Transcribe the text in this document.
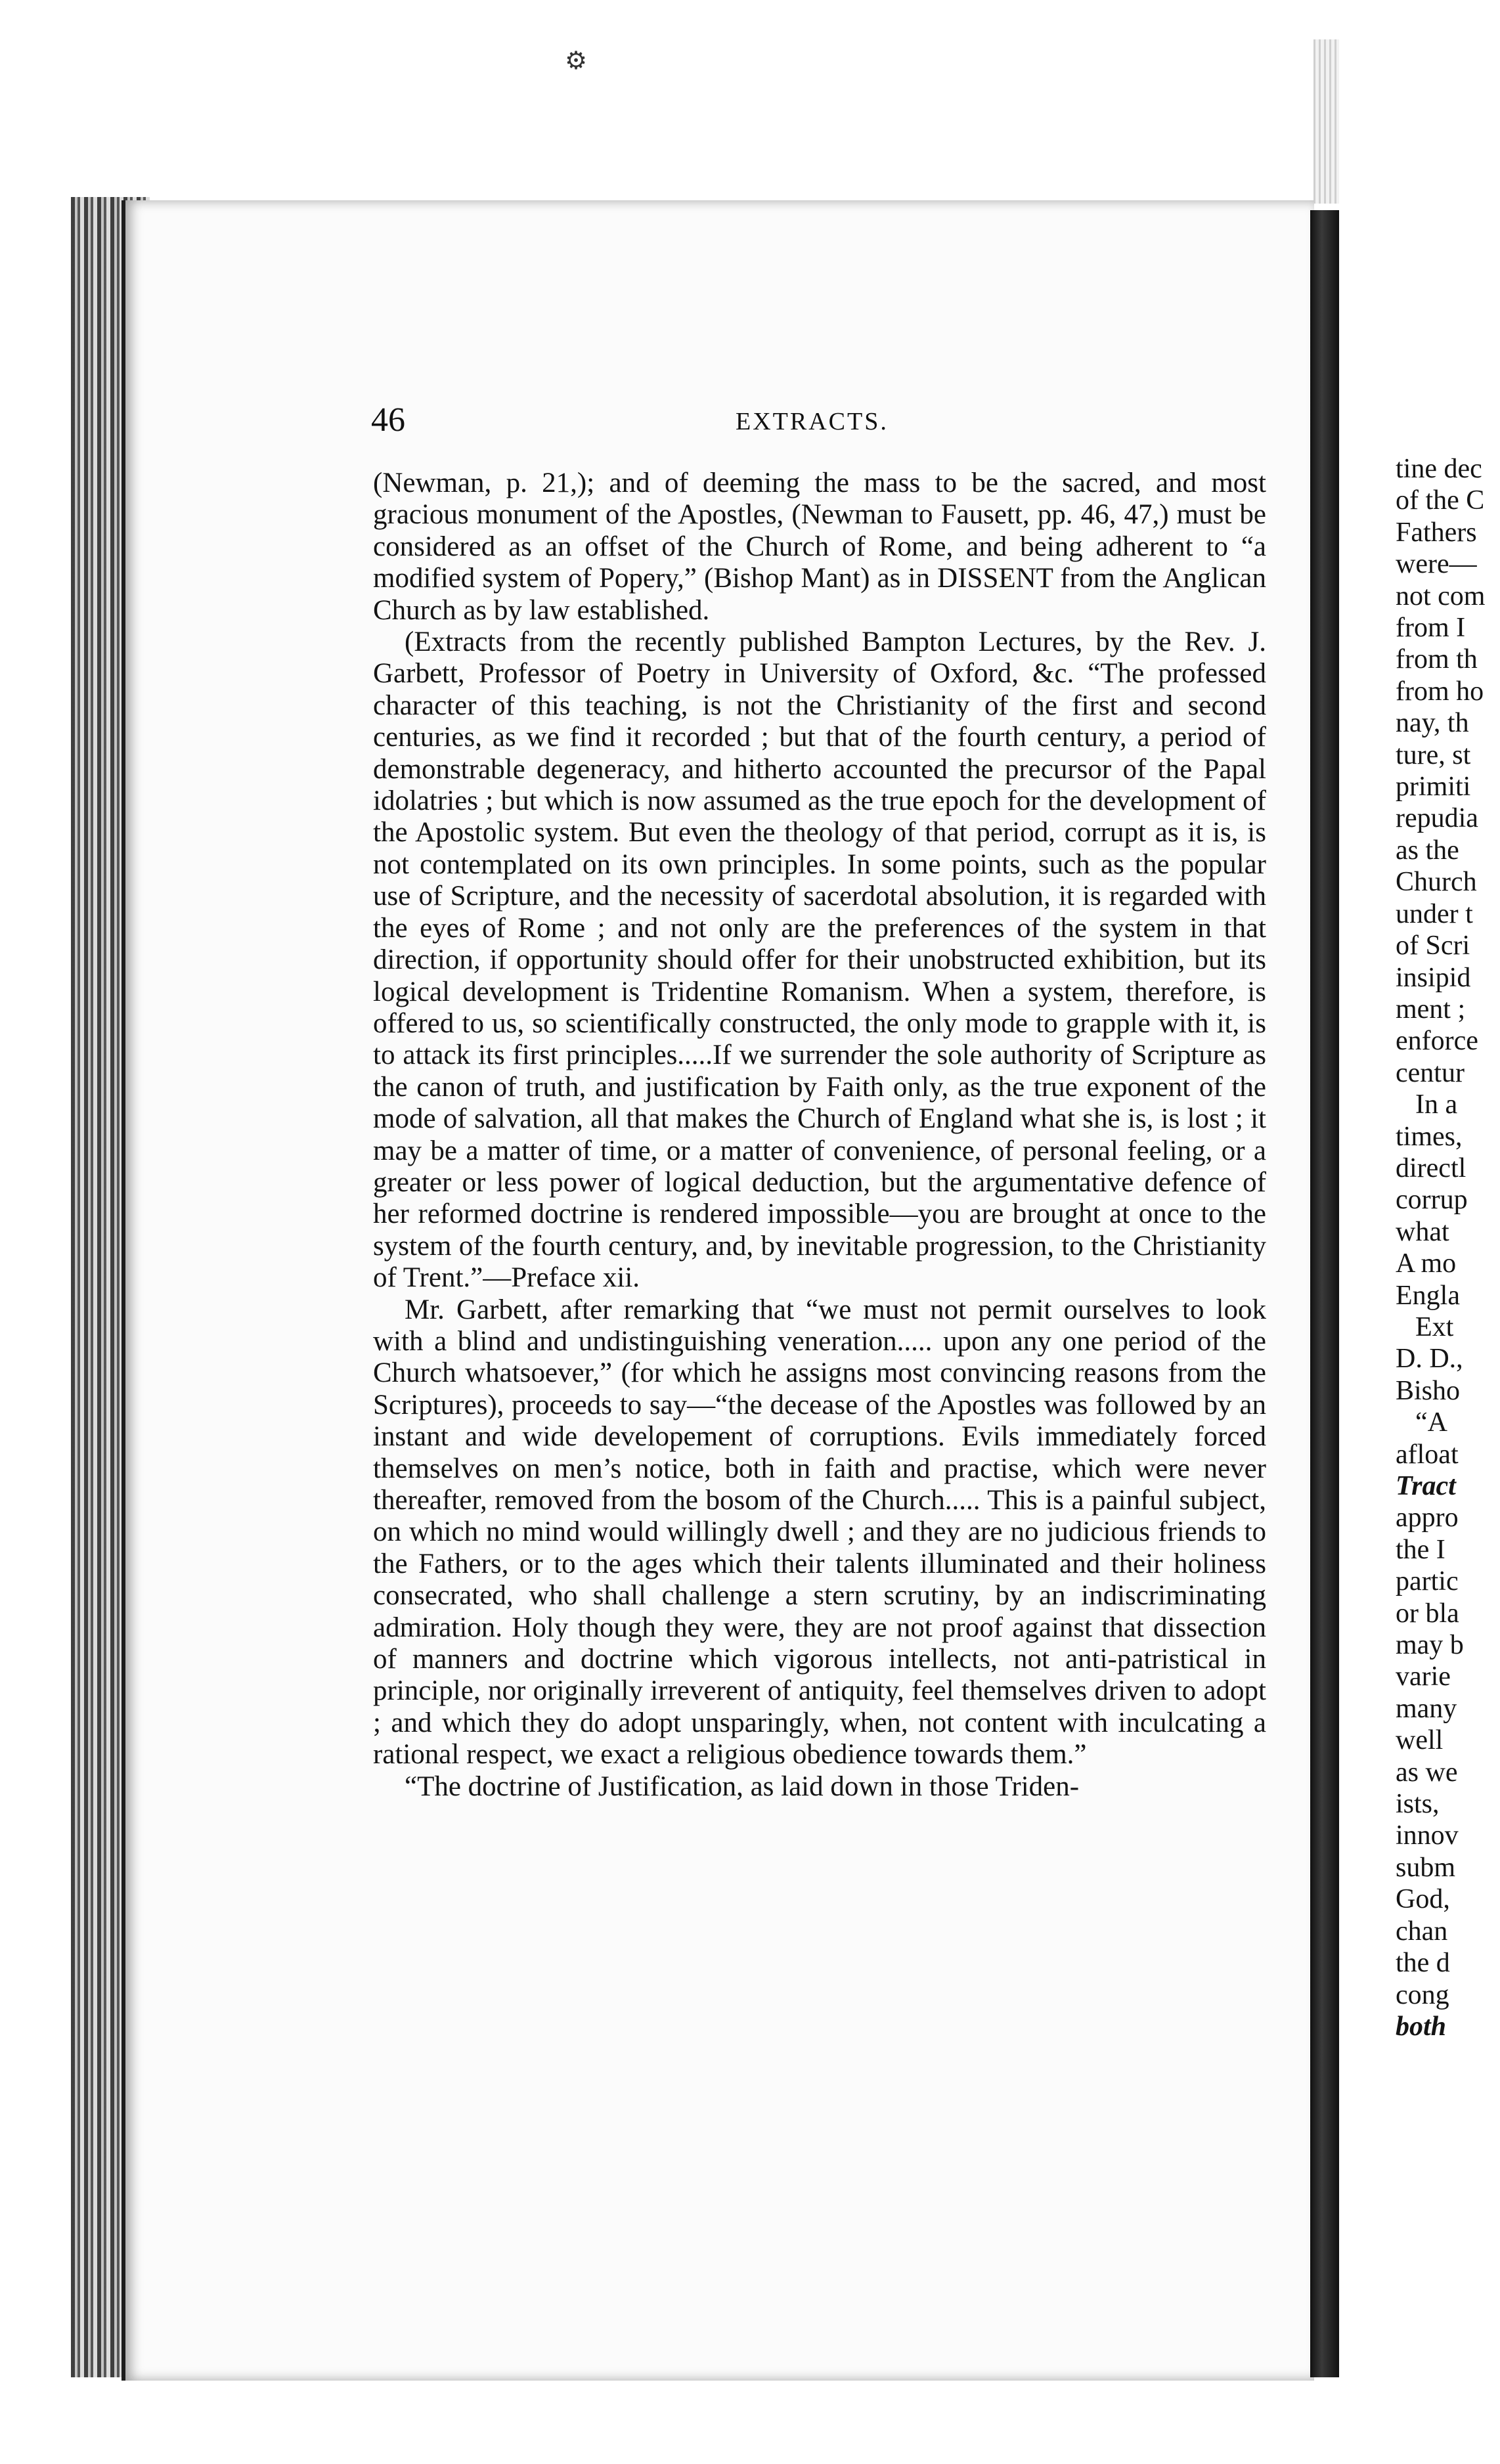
⚙
46	EXTRACTS.

(Newman, p. 21,); and of deeming the mass to be the sacred, and most gracious monument of the Apostles, (Newman to Fausett, pp. 46, 47,) must be considered as an offset of the Church of Rome, and being adherent to “a modified system of Popery,” (Bishop Mant) as in DISSENT from the Anglican Church as by law established.

(Extracts from the recently published Bampton Lectures, by the Rev. J. Garbett, Professor of Poetry in University of Oxford, &c. “The professed character of this teaching, is not the Christianity of the first and second centuries, as we find it recorded ; but that of the fourth century, a period of demonstrable degeneracy, and hitherto accounted the precursor of the Papal idolatries ; but which is now assumed as the true epoch for the development of the Apostolic system. But even the theology of that period, corrupt as it is, is not contemplated on its own principles. In some points, such as the popular use of Scripture, and the necessity of sacerdotal absolution, it is regarded with the eyes of Rome ; and not only are the preferences of the system in that direction, if opportunity should offer for their unobstructed exhibition, but its logical development is Tridentine Romanism. When a system, therefore, is offered to us, so scientifically constructed, the only mode to grapple with it, is to attack its first principles.....If we surrender the sole authority of Scripture as the canon of truth, and justification by Faith only, as the true exponent of the mode of salvation, all that makes the Church of England what she is, is lost ; it may be a matter of time, or a matter of convenience, of personal feeling, or a greater or less power of logical deduction, but the argumentative defence of her reformed doctrine is rendered impossible—you are brought at once to the system of the fourth century, and, by inevitable progression, to the Christianity of Trent.”—Preface xii.

Mr. Garbett, after remarking that “we must not permit ourselves to look with a blind and undistinguishing veneration..... upon any one period of the Church whatsoever,” (for which he assigns most convincing reasons from the Scriptures), proceeds to say—“the decease of the Apostles was followed by an instant and wide developement of corruptions. Evils immediately forced themselves on men’s notice, both in faith and practise, which were never thereafter, removed from the bosom of the Church..... This is a painful subject, on which no mind would willingly dwell ; and they are no judicious friends to the Fathers, or to the ages which their talents illuminated and their holiness consecrated, who shall challenge a stern scrutiny, by an indiscriminating admiration. Holy though they were, they are not proof against that dissection of manners and doctrine which vigorous intellects, not anti-patristical in principle, nor originally irreverent of antiquity, feel themselves driven to adopt ; and which they do adopt unsparingly, when, not content with inculcating a rational respect, we exact a religious obedience towards them.”

“The doctrine of Justification, as laid down in those Triden-

tine dec
of the C
Fathers
were—
not com
from I
from th
from ho
nay, th
ture, st
primiti
repudia
as the
Church
under t
of Scri
insipid
ment ;
enforce
centur
In a
times,
directl
corrup
what
A mo
Engla
Ext
D. D.,
Bisho
“A
afloat
Tract
appro
the I
partic
or bla
may b
varie
many
well
as we
ists,
innov
subm
God,
chan
the d
cong
both
